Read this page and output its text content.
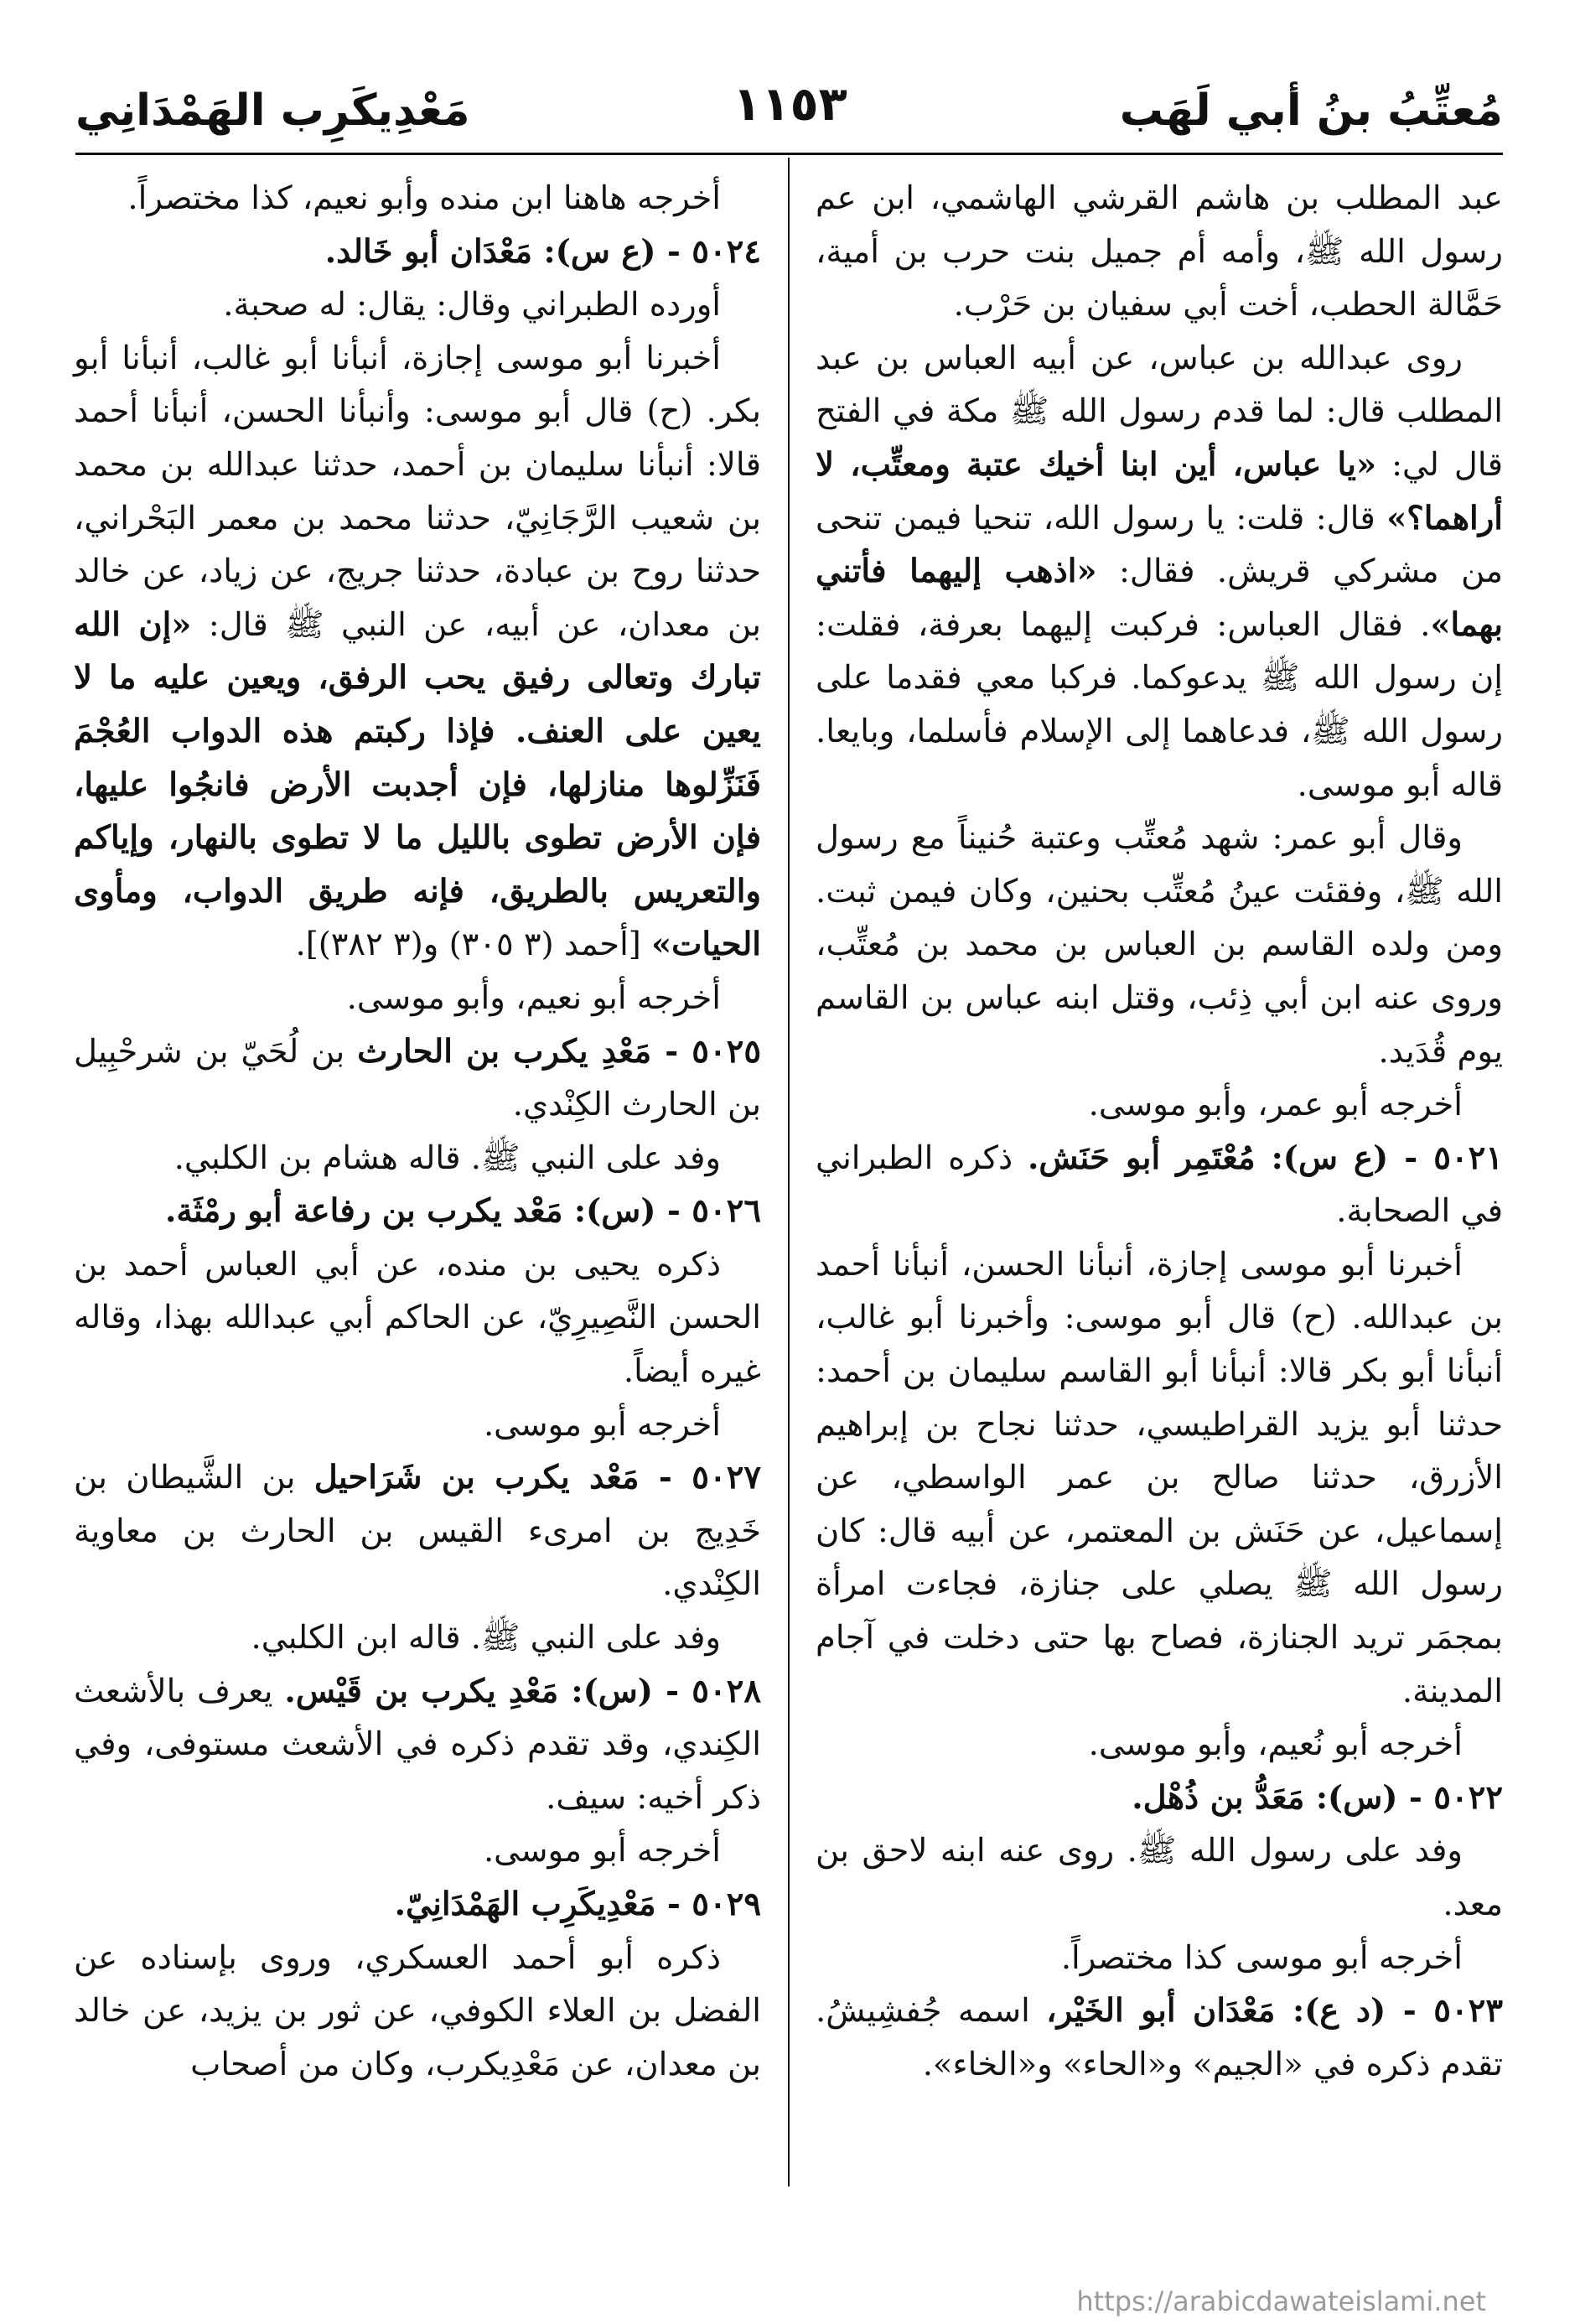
مُعتِّبُ بنُ أبي لَهَب
مَعْدِيكَرِب الهَمْدَانِي	١١٥٣

عبد المطلب بن هاشم القرشي الهاشمي، ابن عم رسول الله ﷺ، وأمه أم جميل بنت حرب بن أمية، حَمَّالة الحطب، أخت أبي سفيان بن حَرْب.

روى عبدالله بن عباس، عن أبيه العباس بن عبد المطلب قال: لما قدم رسول الله ﷺ مكة في الفتح قال لي: «يا عباس، أين ابنا أخيك عتبة ومعتِّب، لا أراهما؟» قال: قلت: يا رسول الله، تنحيا فيمن تنحى من مشركي قريش. فقال: «اذهب إليهما فأتني بهما». فقال العباس: فركبت إليهما بعرفة، فقلت: إن رسول الله ﷺ يدعوكما. فركبا معي فقدما على رسول الله ﷺ، فدعاهما إلى الإسلام فأسلما، وبايعا. قاله أبو موسى.

وقال أبو عمر: شهد مُعتِّب وعتبة حُنيناً مع رسول الله ﷺ، وفقئت عينُ مُعتِّب بحنين، وكان فيمن ثبت. ومن ولده القاسم بن العباس بن محمد بن مُعتِّب، وروى عنه ابن أبي ذِئب، وقتل ابنه عباس بن القاسم يوم قُدَيد.

أخرجه أبو عمر، وأبو موسى.

٥٠٢١ - (ع س): مُعْتَمِر أبو حَنَش. ذكره الطبراني في الصحابة.

أخبرنا أبو موسى إجازة، أنبأنا الحسن، أنبأنا أحمد بن عبدالله. (ح) قال أبو موسى: وأخبرنا أبو غالب، أنبأنا أبو بكر قالا: أنبأنا أبو القاسم سليمان بن أحمد: حدثنا أبو يزيد القراطيسي، حدثنا نجاح بن إبراهيم الأزرق، حدثنا صالح بن عمر الواسطي، عن إسماعيل، عن حَنَش بن المعتمر، عن أبيه قال: كان رسول الله ﷺ يصلي على جنازة، فجاءت امرأة بمجمَر تريد الجنازة، فصاح بها حتى دخلت في آجام المدينة.

أخرجه أبو نُعيم، وأبو موسى.

٥٠٢٢ - (س): مَعَدُّ بن ذُهْل.

وفد على رسول الله ﷺ. روى عنه ابنه لاحق بن معد.

أخرجه أبو موسى كذا مختصراً.

٥٠٢٣ - (د ع): مَعْدَان أبو الخَيْر، اسمه جُفشِيشُ. تقدم ذكره في «الجيم» و«الحاء» و«الخاء».

أخرجه هاهنا ابن منده وأبو نعيم، كذا مختصراً.

٥٠٢٤ - (ع س): مَعْدَان أبو خَالد.

أورده الطبراني وقال: يقال: له صحبة.

أخبرنا أبو موسى إجازة، أنبأنا أبو غالب، أنبأنا أبو بكر. (ح) قال أبو موسى: وأنبأنا الحسن، أنبأنا أحمد قالا: أنبأنا سليمان بن أحمد، حدثنا عبدالله بن محمد بن شعيب الرَّجَانِيّ، حدثنا محمد بن معمر البَحْراني، حدثنا روح بن عبادة، حدثنا جريج، عن زياد، عن خالد بن معدان، عن أبيه، عن النبي ﷺ قال: «إن الله تبارك وتعالى رفيق يحب الرفق، ويعين عليه ما لا يعين على العنف. فإذا ركبتم هذه الدواب العُجْمَ فَنَزِّلوها منازلها، فإن أجدبت الأرض فانجُوا عليها، فإن الأرض تطوى بالليل ما لا تطوى بالنهار، وإياكم والتعريس بالطريق، فإنه طريق الدواب، ومأوى الحيات» [أحمد (٣ ٣٠٥) و(٣ ٣٨٢)].

أخرجه أبو نعيم، وأبو موسى.

٥٠٢٥ - مَعْدِ يكرب بن الحارث بن لُحَيّ بن شرحْبِيل بن الحارث الكِنْدي.

وفد على النبي ﷺ. قاله هشام بن الكلبي.

٥٠٢٦ - (س): مَعْد يكرب بن رفاعة أبو رمْثَة.

ذكره يحيى بن منده، عن أبي العباس أحمد بن الحسن النَّصِيرِيّ، عن الحاكم أبي عبدالله بهذا، وقاله غيره أيضاً.

أخرجه أبو موسى.

٥٠٢٧ - مَعْد يكرب بن شَرَاحيل بن الشَّيطان بن خَدِيج بن امرىء القيس بن الحارث بن معاوية الكِنْدي.

وفد على النبي ﷺ. قاله ابن الكلبي.

٥٠٢٨ - (س): مَعْدِ يكرب بن قَيْس. يعرف بالأشعث الكِندي، وقد تقدم ذكره في الأشعث مستوفى، وفي ذكر أخيه: سيف.

أخرجه أبو موسى.

٥٠٢٩ - مَعْدِيكَرِب الهَمْدَانِيّ.

ذكره أبو أحمد العسكري، وروى بإسناده عن الفضل بن العلاء الكوفي، عن ثور بن يزيد، عن خالد بن معدان، عن مَعْدِيكرب، وكان من أصحاب

https://arabicdawateislami.net
